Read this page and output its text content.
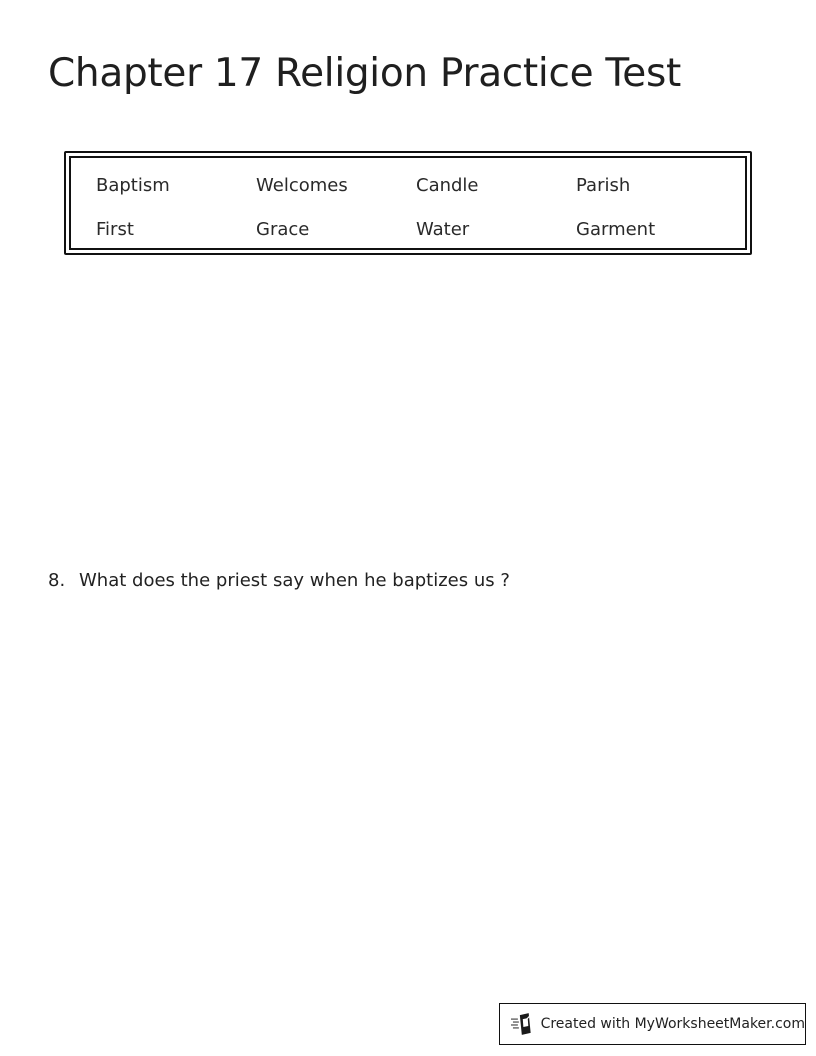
Chapter 17 Religion Practice Test
Baptism	Welcomes	Candle	Parish
First	Grace	Water	Garment
8. What does the priest say when he baptizes us ?
Created with MyWorksheetMaker.com
